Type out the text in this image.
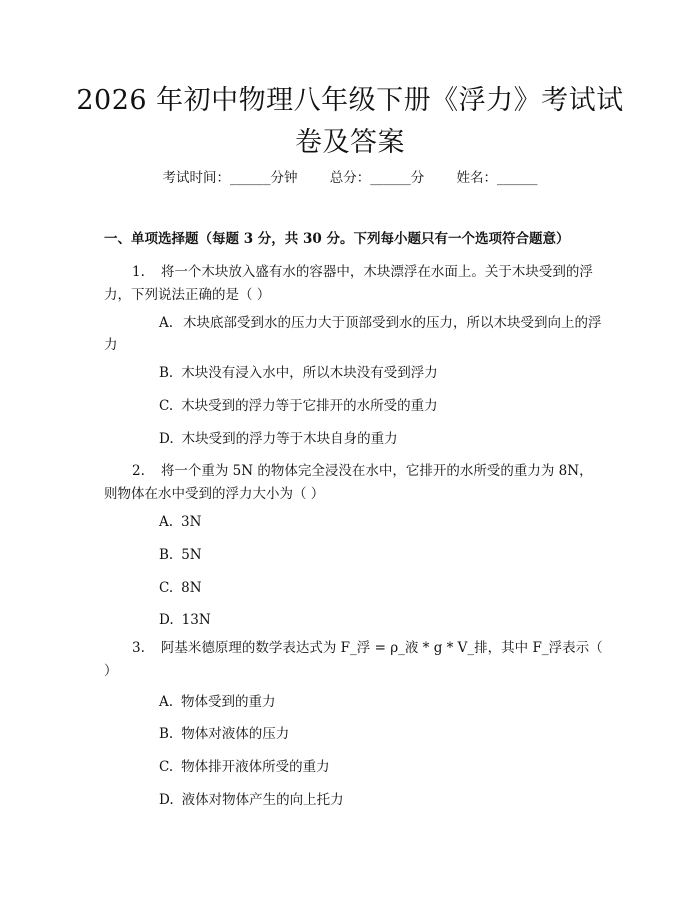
2026 年初中物理八年级下册《浮力》考试试卷及答案
考试时间：______分钟 总分：______分 姓名：______
一、单项选择题（每题 3 分，共 30 分。下列每小题只有一个选项符合题意）
1. 将一个木块放入盛有水的容器中，木块漂浮在水面上。关于木块受到的浮力，下列说法正确的是（ ）
A. 木块底部受到水的压力大于顶部受到水的压力，所以木块受到向上的浮力
B. 木块没有浸入水中，所以木块没有受到浮力
C. 木块受到的浮力等于它排开的水所受的重力
D. 木块受到的浮力等于木块自身的重力
2. 将一个重为 5N 的物体完全浸没在水中，它排开的水所受的重力为 8N，则物体在水中受到的浮力大小为（ ）
A. 3N
B. 5N
C. 8N
D. 13N
3. 阿基米德原理的数学表达式为 F_浮 = ρ_液 * g * V_排，其中 F_浮表示（ ）
A. 物体受到的重力
B. 物体对液体的压力
C. 物体排开液体所受的重力
D. 液体对物体产生的向上托力
